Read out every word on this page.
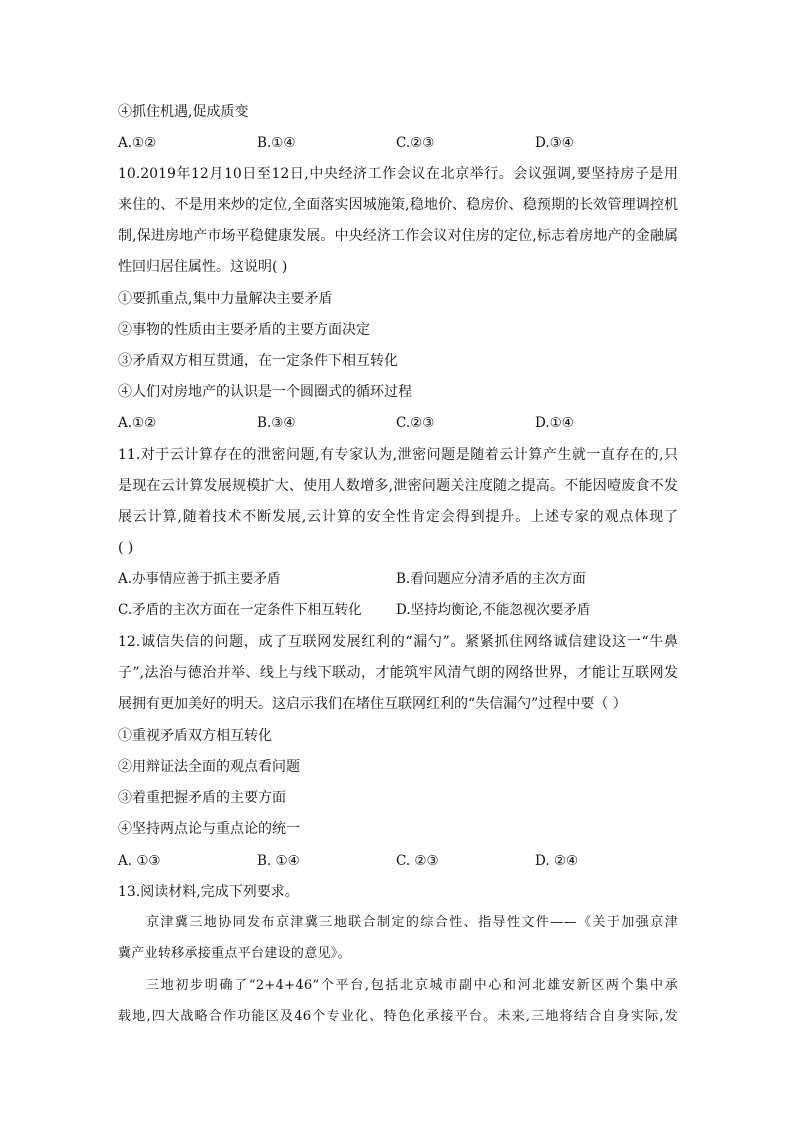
④抓住机遇,促成质变
A.①②	B.①④	C.②③	D.③④
10.2019年12月10日至12日,中央经济工作会议在北京举行。会议强调,要坚持房子是用
来住的、不是用来炒的定位,全面落实因城施策,稳地价、稳房价、稳预期的长效管理调控机
制,保进房地产市场平稳健康发展。中央经济工作会议对住房的定位,标志着房地产的金融属
性回归居住属性。这说明( )
①要抓重点,集中力量解决主要矛盾
②事物的性质由主要矛盾的主要方面决定
③矛盾双方相互贯通，在一定条件下相互转化
④人们对房地产的认识是一个圆圈式的循环过程
A.①②	B.③④	C.②③	D.①④
11.对于云计算存在的泄密问题,有专家认为,泄密问题是随着云计算产生就一直存在的,只
是现在云计算发展规模扩大、使用人数增多,泄密问题关注度随之提高。不能因噎废食不发
展云计算,随着技术不断发展,云计算的安全性肯定会得到提升。上述专家的观点体现了
( )
A.办事情应善于抓主要矛盾	B.看问题应分清矛盾的主次方面
C.矛盾的主次方面在一定条件下相互转化	D.坚持均衡论,不能忽视次要矛盾
12.诚信失信的问题，成了互联网发展红利的“漏勺”。紧紧抓住网络诚信建设这一“牛鼻
子”,法治与德治并举、线上与线下联动，才能筑牢风清气朗的网络世界，才能让互联网发
展拥有更加美好的明天。这启示我们在堵住互联网红利的“失信漏勺”过程中要（ ）
①重视矛盾双方相互转化
②用辩证法全面的观点看问题
③着重把握矛盾的主要方面
④坚持两点论与重点论的统一
A. ①③	B. ①④	C. ②③	D. ②④
13.阅读材料,完成下列要求。
京津冀三地协同发布京津冀三地联合制定的综合性、指导性文件——《关于加强京津
冀产业转移承接重点平台建设的意见》。
三地初步明确了“2+4+46”个平台,包括北京城市副中心和河北雄安新区两个集中承
载地,四大战略合作功能区及46个专业化、特色化承接平台。未来,三地将结合自身实际,发
